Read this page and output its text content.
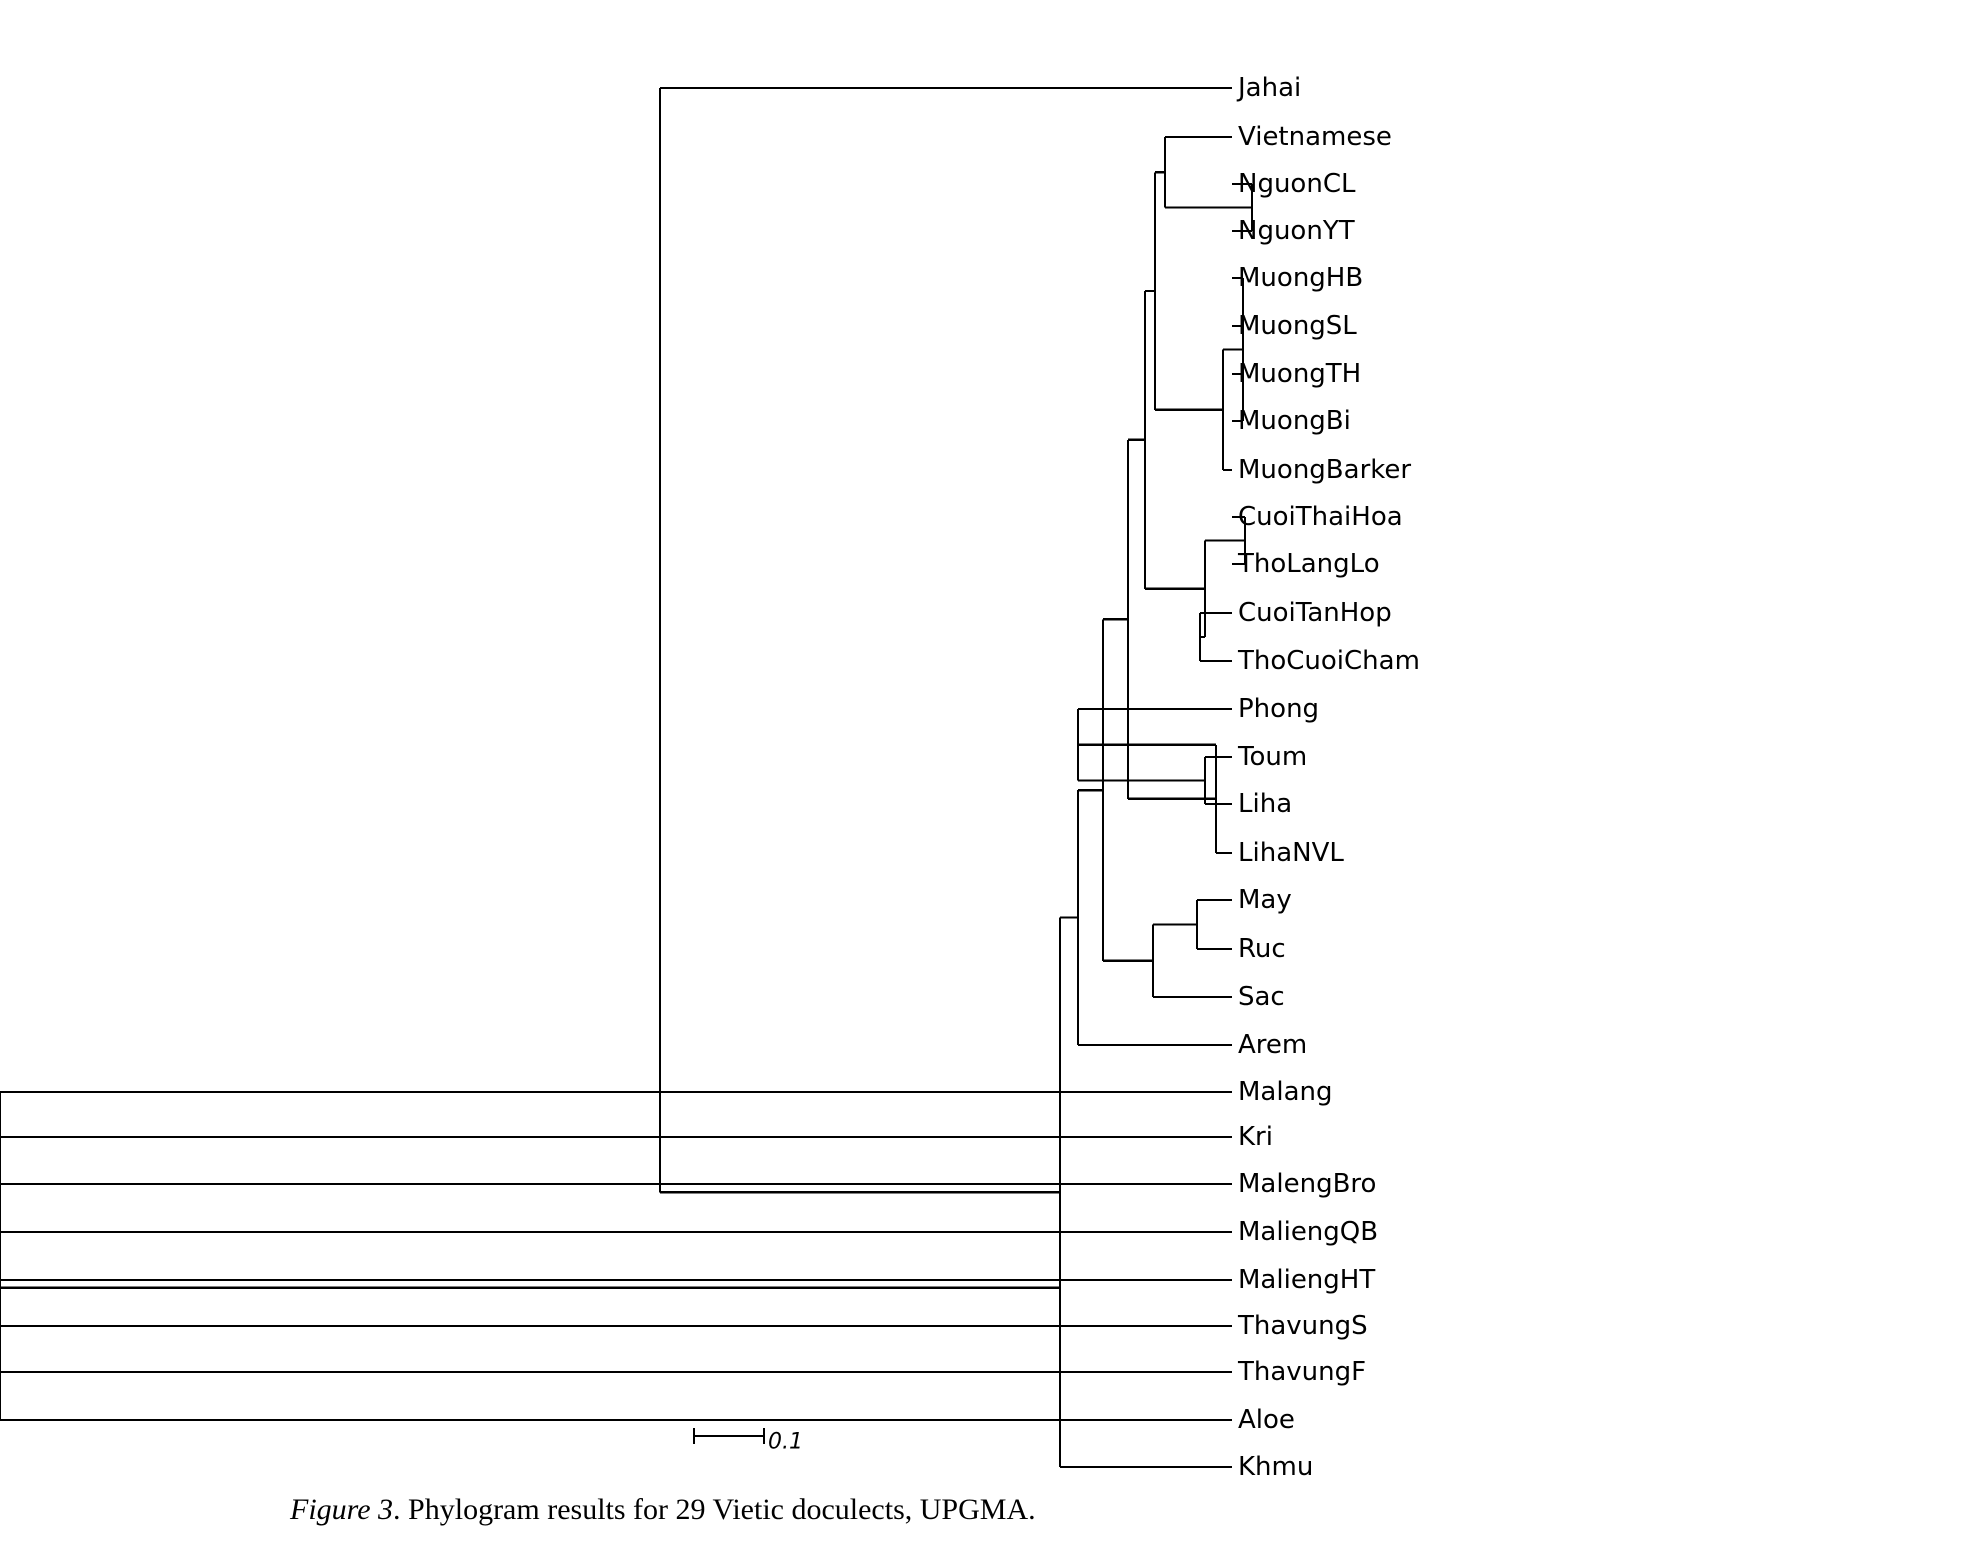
Jahai
Vietnamese
NguonCL
NguonYT
MuongHB
MuongSL
MuongTH
MuongBi
MuongBarker
CuoiThaiHoa
ThoLangLo
CuoiTanHop
ThoCuoiCham
Phong
Toum
Liha
LihaNVL
May
Ruc
Sac
Arem
Malang
Kri
MalengBro
MaliengQB
MaliengHT
ThavungS
ThavungF
Aloe
Khmu
0.1
Figure 3. Phylogram results for 29 Vietic doculects, UPGMA.
